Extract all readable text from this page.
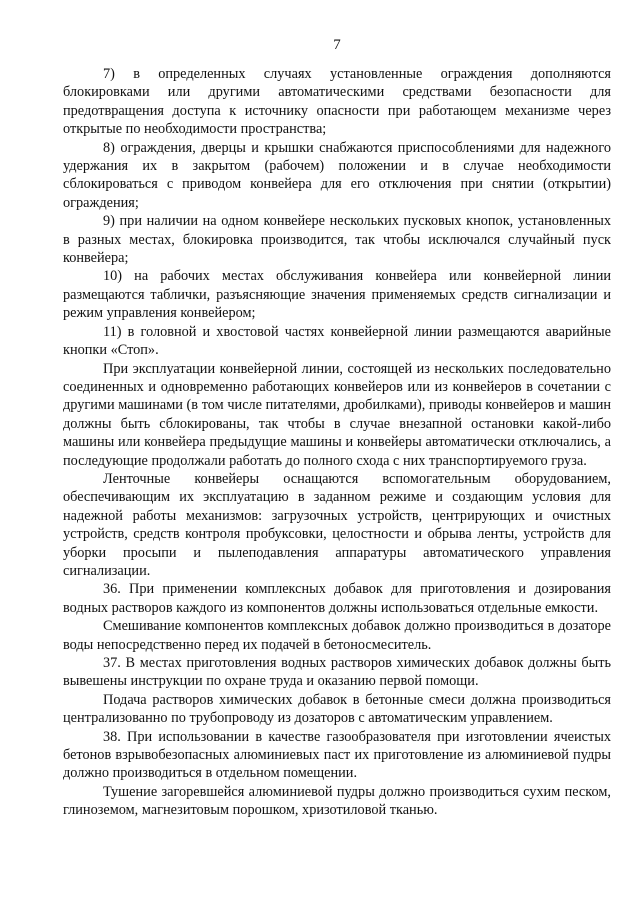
7

7) в определенных случаях установленные ограждения дополняются блокировками или другими автоматическими средствами безопасности для предотвращения доступа к источнику опасности при работающем механизме через открытые по необходимости пространства;

8) ограждения, дверцы и крышки снабжаются приспособлениями для надежного удержания их в закрытом (рабочем) положении и в случае необходимости сблокироваться с приводом конвейера для его отключения при снятии (открытии) ограждения;

9) при наличии на одном конвейере нескольких пусковых кнопок, установленных в разных местах, блокировка производится, так чтобы исключался случайный пуск конвейера;

10) на рабочих местах обслуживания конвейера или конвейерной линии размещаются таблички, разъясняющие значения применяемых средств сигнализации и режим управления конвейером;

11) в головной и хвостовой частях конвейерной линии размещаются аварийные кнопки «Стоп».

При эксплуатации конвейерной линии, состоящей из нескольких последовательно соединенных и одновременно работающих конвейеров или из конвейеров в сочетании с другими машинами (в том числе питателями, дробилками), приводы конвейеров и машин должны быть сблокированы, так чтобы в случае внезапной остановки какой-либо машины или конвейера предыдущие машины и конвейеры автоматически отключались, а последующие продолжали работать до полного схода с них транспортируемого груза.

Ленточные конвейеры оснащаются вспомогательным оборудованием, обеспечивающим их эксплуатацию в заданном режиме и создающим условия для надежной работы механизмов: загрузочных устройств, центрирующих и очистных устройств, средств контроля пробуксовки, целостности и обрыва ленты, устройств для уборки просыпи и пылеподавления аппаратуры автоматического управления сигнализации.

36. При применении комплексных добавок для приготовления и дозирования водных растворов каждого из компонентов должны использоваться отдельные емкости.

Смешивание компонентов комплексных добавок должно производиться в дозаторе воды непосредственно перед их подачей в бетоносмеситель.

37. В местах приготовления водных растворов химических добавок должны быть вывешены инструкции по охране труда и оказанию первой помощи.

Подача растворов химических добавок в бетонные смеси должна производиться централизованно по трубопроводу из дозаторов с автоматическим управлением.

38. При использовании в качестве газообразователя при изготовлении ячеистых бетонов взрывобезопасных алюминиевых паст их приготовление из алюминиевой пудры должно производиться в отдельном помещении.

Тушение загоревшейся алюминиевой пудры должно производиться сухим песком, глиноземом, магнезитовым порошком, хризотиловой тканью.
